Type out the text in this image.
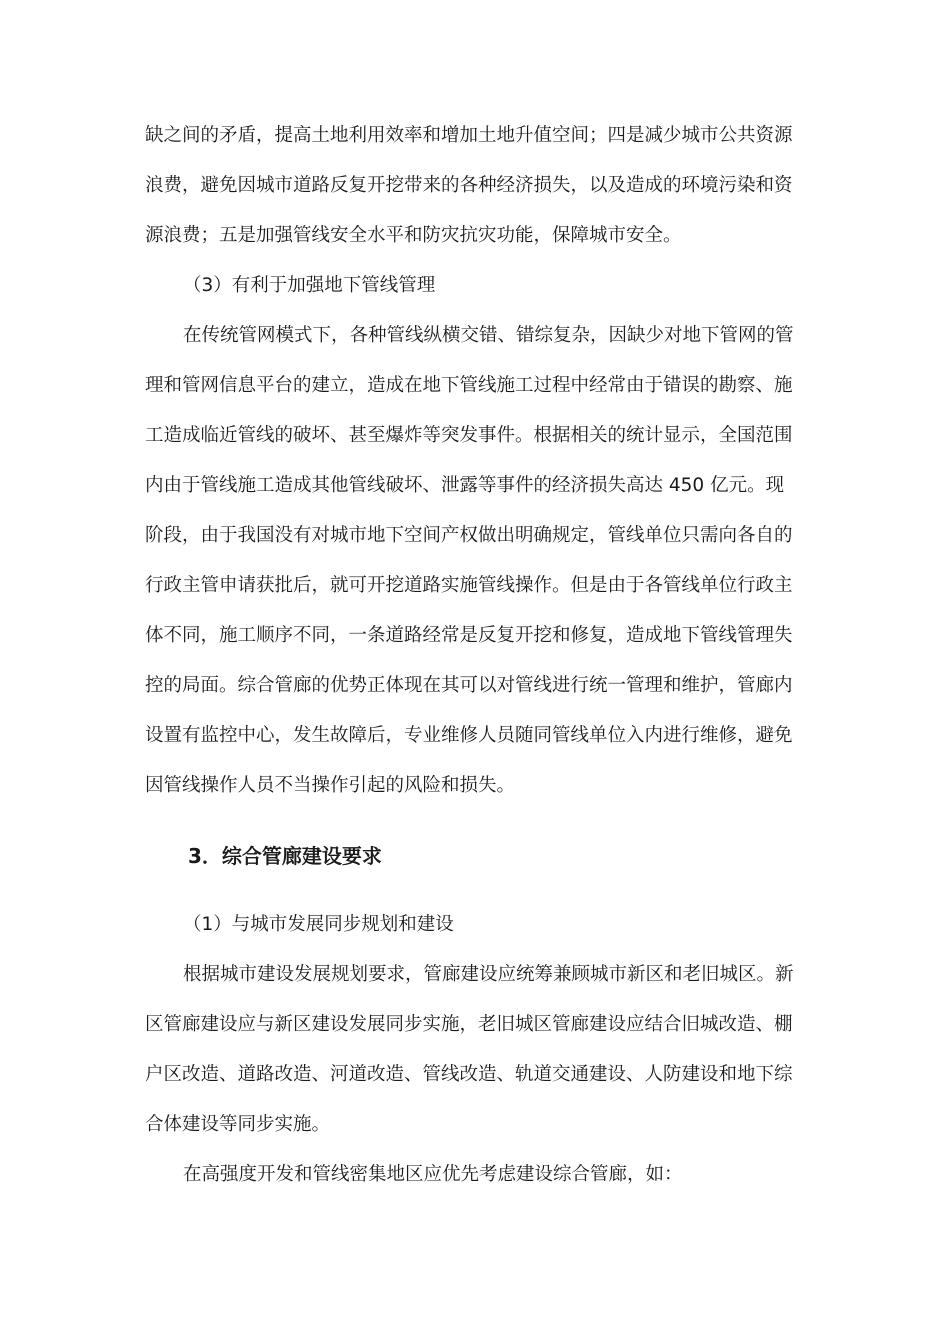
缺之间的矛盾，提高土地利用效率和增加土地升值空间；四是减少城市公共资源
浪费，避免因城市道路反复开挖带来的各种经济损失，以及造成的环境污染和资
源浪费；五是加强管线安全水平和防灾抗灾功能，保障城市安全。
（3）有利于加强地下管线管理
在传统管网模式下，各种管线纵横交错、错综复杂，因缺少对地下管网的管
理和管网信息平台的建立，造成在地下管线施工过程中经常由于错误的勘察、施
工造成临近管线的破坏、甚至爆炸等突发事件。根据相关的统计显示，全国范围
内由于管线施工造成其他管线破坏、泄露等事件的经济损失高达 450 亿元。现
阶段，由于我国没有对城市地下空间产权做出明确规定，管线单位只需向各自的
行政主管申请获批后，就可开挖道路实施管线操作。但是由于各管线单位行政主
体不同，施工顺序不同，一条道路经常是反复开挖和修复，造成地下管线管理失
控的局面。综合管廊的优势正体现在其可以对管线进行统一管理和维护，管廊内
设置有监控中心，发生故障后，专业维修人员随同管线单位入内进行维修，避免
因管线操作人员不当操作引起的风险和损失。
3．综合管廊建设要求
（1）与城市发展同步规划和建设
根据城市建设发展规划要求，管廊建设应统筹兼顾城市新区和老旧城区。新
区管廊建设应与新区建设发展同步实施，老旧城区管廊建设应结合旧城改造、棚
户区改造、道路改造、河道改造、管线改造、轨道交通建设、人防建设和地下综
合体建设等同步实施。
在高强度开发和管线密集地区应优先考虑建设综合管廊，如：
